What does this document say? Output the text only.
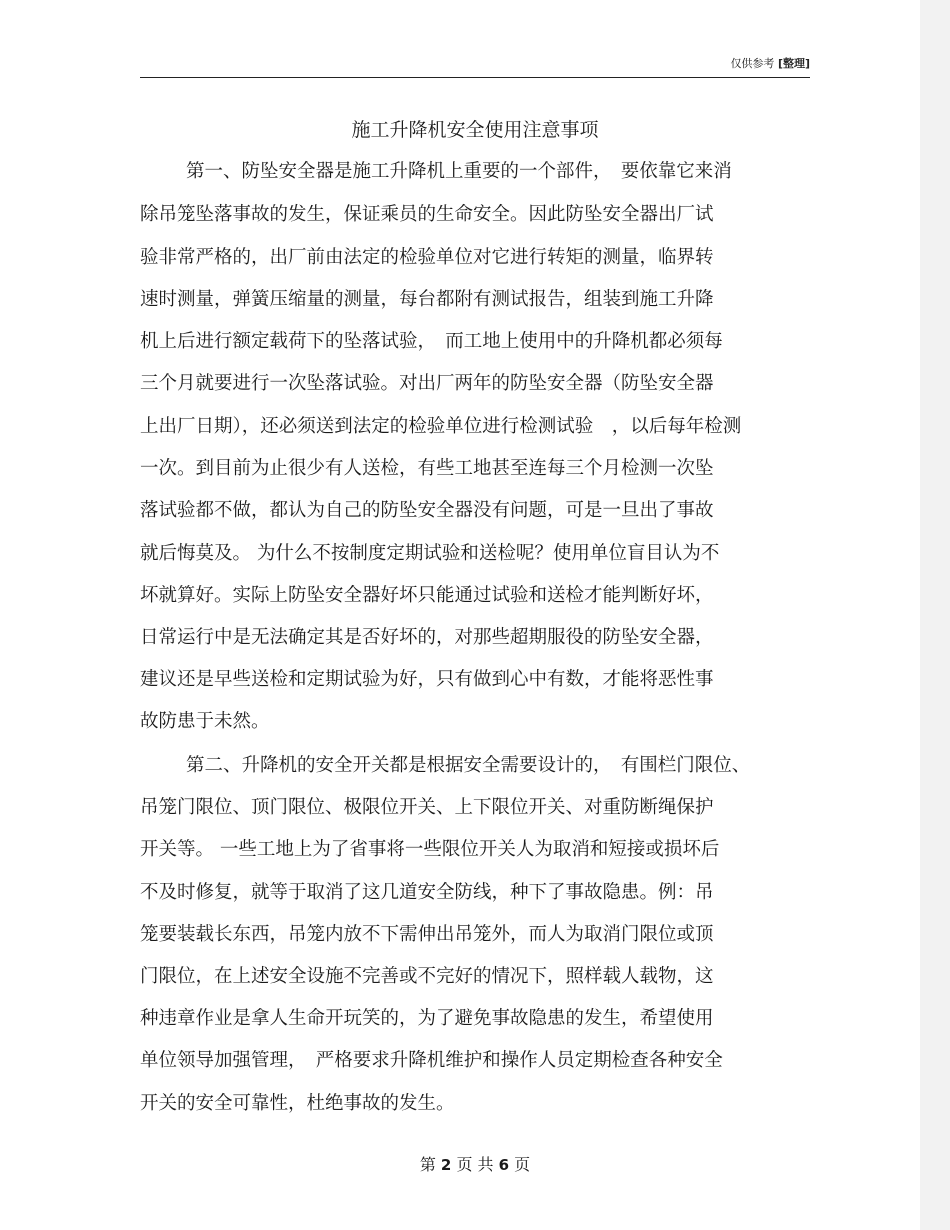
仅供参考 [整理]
施工升降机安全使用注意事项
第一、防坠安全器是施工升降机上重要的一个部件，　要依靠它来消
除吊笼坠落事故的发生，保证乘员的生命安全。因此防坠安全器出厂试
验非常严格的，出厂前由法定的检验单位对它进行转矩的测量，临界转
速时测量，弹簧压缩量的测量，每台都附有测试报告，组装到施工升降
机上后进行额定载荷下的坠落试验，　而工地上使用中的升降机都必须每
三个月就要进行一次坠落试验。对出厂两年的防坠安全器（防坠安全器
上出厂日期），还必须送到法定的检验单位进行检测试验　，以后每年检测
一次。到目前为止很少有人送检，有些工地甚至连每三个月检测一次坠
落试验都不做，都认为自己的防坠安全器没有问题，可是一旦出了事故
就后悔莫及。 为什么不按制度定期试验和送检呢？使用单位盲目认为不
坏就算好。实际上防坠安全器好坏只能通过试验和送检才能判断好坏，
日常运行中是无法确定其是否好坏的，对那些超期服役的防坠安全器，
建议还是早些送检和定期试验为好，只有做到心中有数，才能将恶性事
故防患于未然。
第二、升降机的安全开关都是根据安全需要设计的，　有围栏门限位、
吊笼门限位、顶门限位、极限位开关、上下限位开关、对重防断绳保护
开关等。 一些工地上为了省事将一些限位开关人为取消和短接或损坏后
不及时修复，就等于取消了这几道安全防线，种下了事故隐患。例：吊
笼要装载长东西，吊笼内放不下需伸出吊笼外，而人为取消门限位或顶
门限位，在上述安全设施不完善或不完好的情况下，照样载人载物，这
种违章作业是拿人生命开玩笑的，为了避免事故隐患的发生，希望使用
单位领导加强管理，　严格要求升降机维护和操作人员定期检查各种安全
开关的安全可靠性，杜绝事故的发生。
第 2 页 共 6 页
